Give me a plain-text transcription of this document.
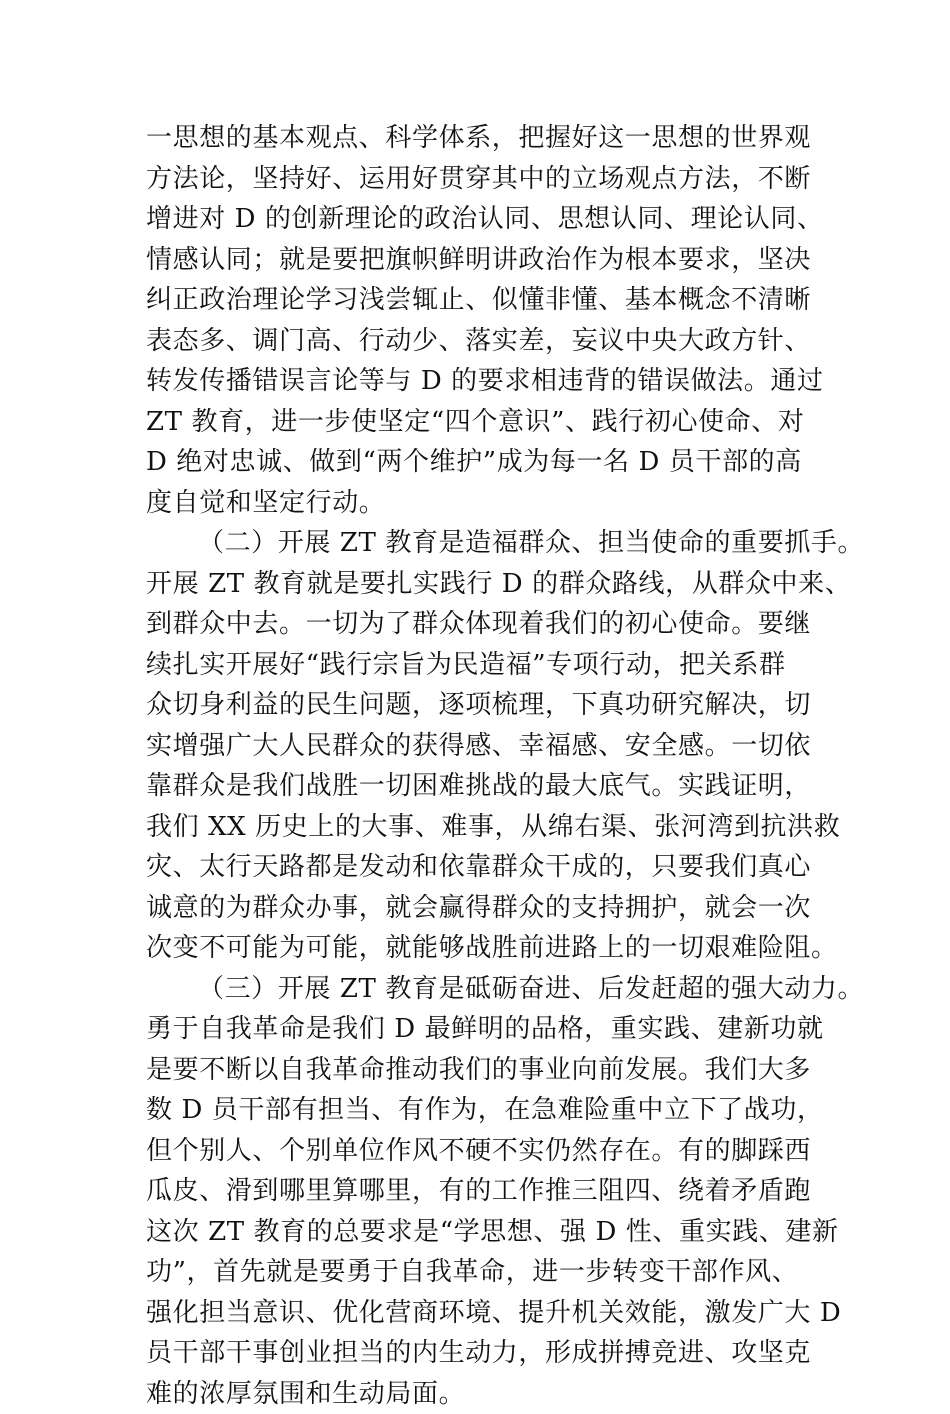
一思想的基本观点、科学体系，把握好这一思想的世界观
方法论，坚持好、运用好贯穿其中的立场观点方法，不断
增进对 D 的创新理论的政治认同、思想认同、理论认同、
情感认同；就是要把旗帜鲜明讲政治作为根本要求，坚决
纠正政治理论学习浅尝辄止、似懂非懂、基本概念不清晰
表态多、调门高、行动少、落实差，妄议中央大政方针、
转发传播错误言论等与 D 的要求相违背的错误做法。通过
ZT 教育，进一步使坚定“四个意识”、践行初心使命、对
D 绝对忠诚、做到“两个维护”成为每一名 D 员干部的高
度自觉和坚定行动。
（二）开展 ZT 教育是造福群众、担当使命的重要抓手。
开展 ZT 教育就是要扎实践行 D 的群众路线，从群众中来、
到群众中去。一切为了群众体现着我们的初心使命。要继
续扎实开展好“践行宗旨为民造福”专项行动，把关系群
众切身利益的民生问题，逐项梳理，下真功研究解决，切
实增强广大人民群众的获得感、幸福感、安全感。一切依
靠群众是我们战胜一切困难挑战的最大底气。实践证明，
我们 XX 历史上的大事、难事，从绵右渠、张河湾到抗洪救
灾、太行天路都是发动和依靠群众干成的，只要我们真心
诚意的为群众办事，就会赢得群众的支持拥护，就会一次
次变不可能为可能，就能够战胜前进路上的一切艰难险阻。
（三）开展 ZT 教育是砥砺奋进、后发赶超的强大动力。
勇于自我革命是我们 D 最鲜明的品格，重实践、建新功就
是要不断以自我革命推动我们的事业向前发展。我们大多
数 D 员干部有担当、有作为，在急难险重中立下了战功，
但个别人、个别单位作风不硬不实仍然存在。有的脚踩西
瓜皮、滑到哪里算哪里，有的工作推三阻四、绕着矛盾跑
这次 ZT 教育的总要求是“学思想、强 D 性、重实践、建新
功”，首先就是要勇于自我革命，进一步转变干部作风、
强化担当意识、优化营商环境、提升机关效能，激发广大 D
员干部干事创业担当的内生动力，形成拼搏竞进、攻坚克
难的浓厚氛围和生动局面。
